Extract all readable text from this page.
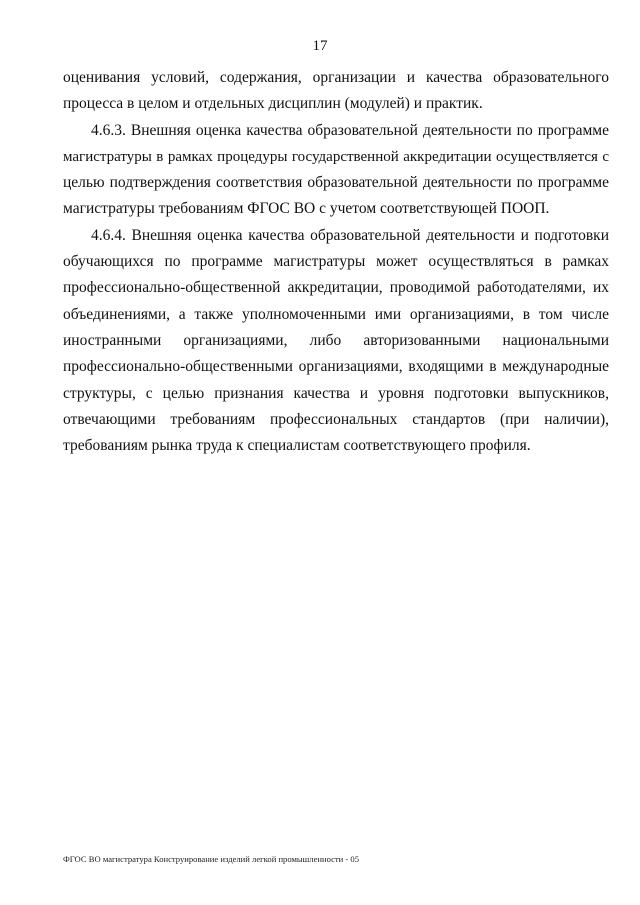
17
оценивания условий, содержания, организации и качества образовательного
процесса в целом и отдельных дисциплин (модулей) и практик.
4.6.3. Внешняя оценка качества образовательной деятельности по программе
магистратуры в рамках процедуры государственной аккредитации осуществляется с
целью подтверждения соответствия образовательной деятельности по программе
магистратуры требованиям ФГОС ВО с учетом соответствующей ПООП.
4.6.4. Внешняя оценка качества образовательной деятельности и подготовки
обучающихся по программе магистратуры может осуществляться в рамках
профессионально-общественной аккредитации, проводимой работодателями, их
объединениями, а также уполномоченными ими организациями, в том числе
иностранными организациями, либо авторизованными национальными
профессионально-общественными организациями, входящими в международные
структуры, с целью признания качества и уровня подготовки выпускников,
отвечающими требованиям профессиональных стандартов (при наличии),
требованиям рынка труда к специалистам соответствующего профиля.
ФГОС ВО магистратура Конструирование изделий легкой промышленности - 05
